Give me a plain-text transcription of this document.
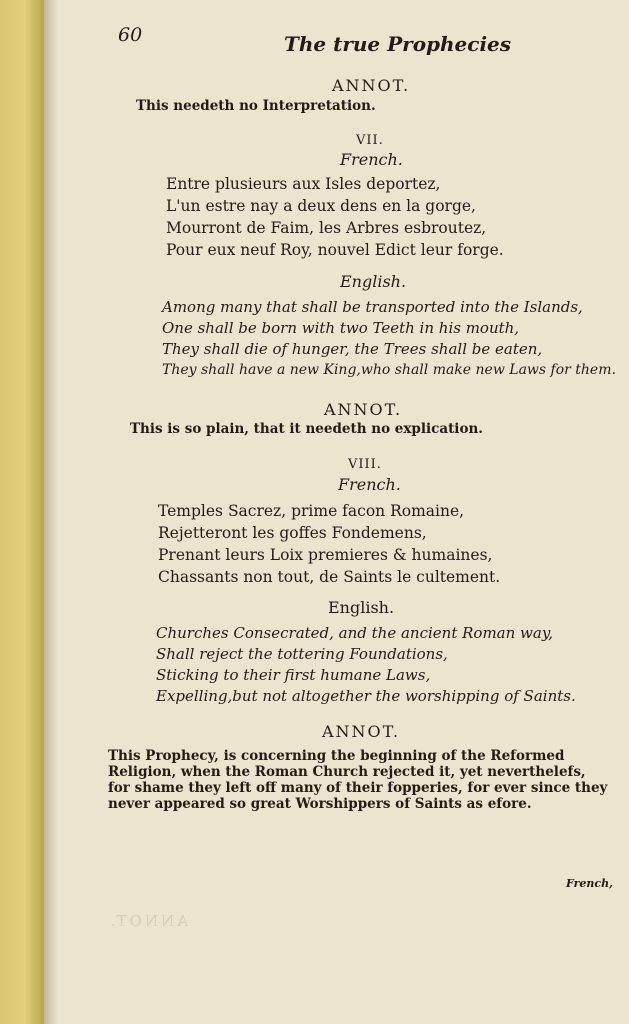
60	The true Prophecies
ANNOT.
This needeth no Interpretation.
VII.
French.
Entre plusieurs aux Isles deportez,
L'un estre nay a deux dens en la gorge,
Mourront de Faim, les Arbres esbroutez,
Pour eux neuf Roy, nouvel Edict leur forge.
English.
Among many that shall be transported into the Islands,
One shall be born with two Teeth in his mouth,
They shall die of hunger, the Trees shall be eaten,
They shall have a new King,who shall make new Laws for them.
ANNOT.
This is so plain, that it needeth no explication.
VIII.
French.
Temples Sacrez, prime facon Romaine,
Rejetteront les goffes Fondemens,
Prenant leurs Loix premieres & humaines,
Chassants non tout, de Saints le cultement.
English.
Churches Consecrated, and the ancient Roman way,
Shall reject the tottering Foundations,
Sticking to their first humane Laws,
Expelling,but not altogether the worshipping of Saints.
ANNOT.
This Prophecy, is concerning the beginning of the Reformed Religion, when the Roman Church rejected it, yet neverthelefs, for shame they left off many of their fopperies, for ever since they never appeared so great Worshippers of Saints as efore.
French,
ANNOT.
